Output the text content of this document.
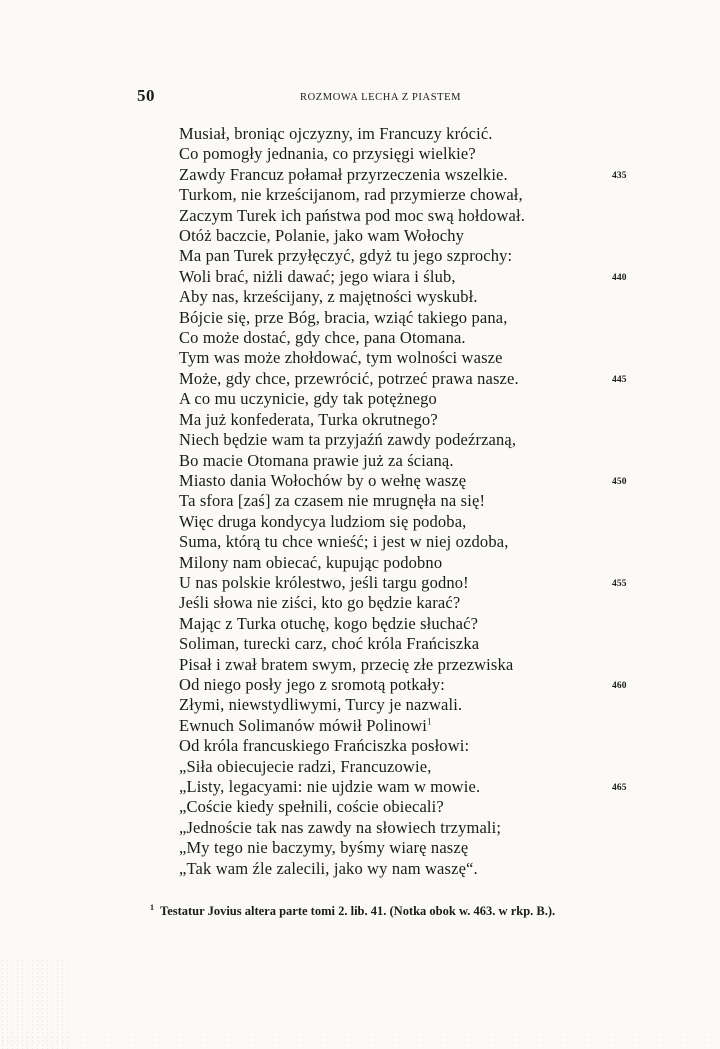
50	ROZMOWA LECHA Z PIASTEM
Musiał, broniąc ojczyzny, im Francuzy krócić.
Co pomogły jednania, co przysięgi wielkie?
Zawdy Francuz połamał przyrzeczenia wszelkie.	435
Turkom, nie krześcijanom, rad przymierze chował,
Zaczym Turek ich państwa pod moc swą hołdował.
Otóż baczcie, Polanie, jako wam Wołochy
Ma pan Turek przyłęczyć, gdyż tu jego szprochy:
Woli brać, niżli dawać; jego wiara i ślub,	440
Aby nas, krześcijany, z majętności wyskubł.
Bójcie się, prze Bóg, bracia, wziąć takiego pana,
Co może dostać, gdy chce, pana Otomana.
Tym was może zhołdować, tym wolności wasze
Może, gdy chce, przewrócić, potrzeć prawa nasze.	445
A co mu uczynicie, gdy tak potężnego
Ma już konfederata, Turka okrutnego?
Niech będzie wam ta przyjaźń zawdy podeźrzaną,
Bo macie Otomana prawie już za ścianą.
Miasto dania Wołochów by o wełnę waszę	450
Ta sfora [zaś] za czasem nie mrugnęła na się!
Więc druga kondycya ludziom się podoba,
Suma, którą tu chce wnieść; i jest w niej ozdoba,
Milony nam obiecać, kupując podobno
U nas polskie królestwo, jeśli targu godno!	455
Jeśli słowa nie ziści, kto go będzie karać?
Mając z Turka otuchę, kogo będzie słuchać?
Soliman, turecki carz, choć króla Frańciszka
Pisał i zwał bratem swym, przecię złe przezwiska
Od niego posły jego z sromotą potkały:	460
Złymi, niewstydliwymi, Turcy je nazwali.
Ewnuch Solimanów mówił Polinowi$^1$
Od króla francuskiego Frańciszka posłowi:
„Siła obiecujecie radzi, Francuzowie,
„Listy, legacyami: nie ujdzie wam w mowie.	465
„Coście kiedy spełnili, coście obiecali?
„Jednoście tak nas zawdy na słowiech trzymali;
„My tego nie baczymy, byśmy wiarę naszę
„Tak wam źle zalecili, jako wy nam waszę“.
$^1$ Testatur Jovius altera parte tomi 2. lib. 41. (Notka obok w. 463. w rkp. B.).
